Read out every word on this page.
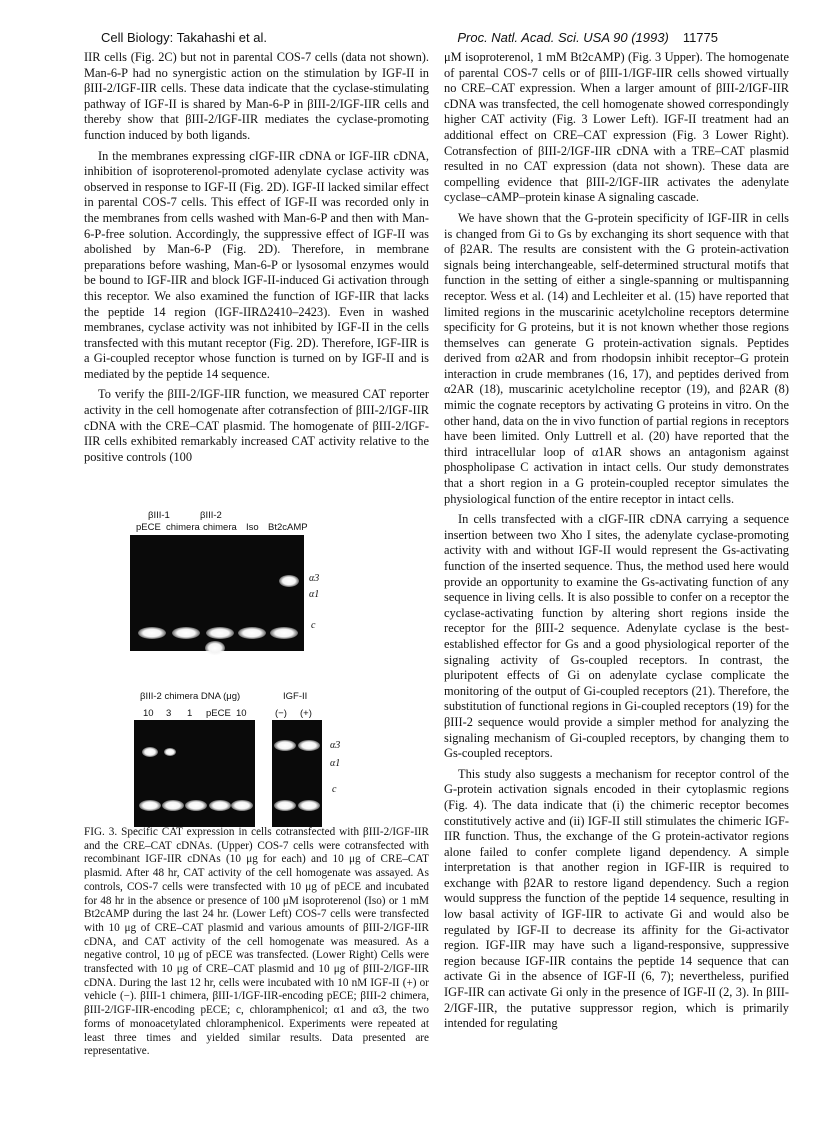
Cell Biology: Takahashi et al.	Proc. Natl. Acad. Sci. USA 90 (1993) 11775

IIR cells (Fig. 2C) but not in parental COS-7 cells (data not shown). Man-6-P had no synergistic action on the stimulation by IGF-II in βIII-2/IGF-IIR cells. These data indicate that the cyclase-stimulating pathway of IGF-II is shared by Man-6-P in βIII-2/IGF-IIR cells and thereby show that βIII-2/IGF-IIR mediates the cyclase-promoting function induced by both ligands.

In the membranes expressing cIGF-IIR cDNA or IGF-IIR cDNA, inhibition of isoproterenol-promoted adenylate cyclase activity was observed in response to IGF-II (Fig. 2D). IGF-II lacked similar effect in parental COS-7 cells. This effect of IGF-II was recorded only in the membranes from cells washed with Man-6-P and then with Man-6-P-free solution. Accordingly, the suppressive effect of IGF-II was abolished by Man-6-P (Fig. 2D). Therefore, in membrane preparations before washing, Man-6-P or lysosomal enzymes would be bound to IGF-IIR and block IGF-II-induced Gi activation through this receptor. We also examined the function of IGF-IIR that lacks the peptide 14 region (IGF-IIRΔ2410–2423). Even in washed membranes, cyclase activity was not inhibited by IGF-II in the cells transfected with this mutant receptor (Fig. 2D). Therefore, IGF-IIR is a Gi-coupled receptor whose function is turned on by IGF-II and is mediated by the peptide 14 sequence.

To verify the βIII-2/IGF-IIR function, we measured CAT reporter activity in the cell homogenate after cotransfection of βIII-2/IGF-IIR cDNA with the CRE–CAT plasmid. The homogenate of βIII-2/IGF-IIR cells exhibited remarkably increased CAT activity relative to the positive controls (100

βIII-1	βIII-2
pECE chimera chimera Iso Bt2cAMP
α3
α1
c
βIII-2 chimera DNA (μg)
10 3 1 pECE 10
IGF-II
(−) (+)
α3
α1
c
FIG. 3. Specific CAT expression in cells cotransfected with βIII-2/IGF-IIR and the CRE–CAT cDNAs. (Upper) COS-7 cells were cotransfected with recombinant IGF-IIR cDNAs (10 μg for each) and 10 μg of CRE–CAT plasmid. After 48 hr, CAT activity of the cell homogenate was assayed. As controls, COS-7 cells were transfected with 10 μg of pECE and incubated for 48 hr in the absence or presence of 100 μM isoproterenol (Iso) or 1 mM Bt2cAMP during the last 24 hr. (Lower Left) COS-7 cells were transfected with 10 μg of CRE–CAT plasmid and various amounts of βIII-2/IGF-IIR cDNA, and CAT activity of the cell homogenate was measured. As a negative control, 10 μg of pECE was transfected. (Lower Right) Cells were transfected with 10 μg of CRE–CAT plasmid and 10 μg of βIII-2/IGF-IIR cDNA. During the last 12 hr, cells were incubated with 10 nM IGF-II (+) or vehicle (−). βIII-1 chimera, βIII-1/IGF-IIR-encoding pECE; βIII-2 chimera, βIII-2/IGF-IIR-encoding pECE; c, chloramphenicol; α1 and α3, the two forms of monoacetylated chloramphenicol. Experiments were repeated at least three times and yielded similar results. Data presented are representative.

μM isoproterenol, 1 mM Bt2cAMP) (Fig. 3 Upper). The homogenate of parental COS-7 cells or of βIII-1/IGF-IIR cells showed virtually no CRE–CAT expression. When a larger amount of βIII-2/IGF-IIR cDNA was transfected, the cell homogenate showed correspondingly higher CAT activity (Fig. 3 Lower Left). IGF-II treatment had an additional effect on CRE–CAT expression (Fig. 3 Lower Right). Cotransfection of βIII-2/IGF-IIR cDNA with a TRE–CAT plasmid resulted in no CAT expression (data not shown). These data are compelling evidence that βIII-2/IGF-IIR activates the adenylate cyclase–cAMP–protein kinase A signaling cascade.

We have shown that the G-protein specificity of IGF-IIR in cells is changed from Gi to Gs by exchanging its short sequence with that of β2AR. The results are consistent with the G protein-activation signals being interchangeable, self-determined structural motifs that function in the setting of either a single-spanning or multispanning receptor. Wess et al. (14) and Lechleiter et al. (15) have reported that limited regions in the muscarinic acetylcholine receptors determine specificity for G proteins, but it is not known whether those regions themselves can generate G protein-activation signals. Peptides derived from α2AR and from rhodopsin inhibit receptor–G protein interaction in crude membranes (16, 17), and peptides derived from α2AR (18), muscarinic acetylcholine receptor (19), and β2AR (8) mimic the cognate receptors by activating G proteins in vitro. On the other hand, data on the in vivo function of partial regions in receptors have been limited. Only Luttrell et al. (20) have reported that the third intracellular loop of α1AR shows an antagonism against phospholipase C activation in intact cells. Our study demonstrates that a short region in a G protein-coupled receptor simulates the physiological function of the entire receptor in intact cells.

In cells transfected with a cIGF-IIR cDNA carrying a sequence insertion between two Xho I sites, the adenylate cyclase-promoting activity with and without IGF-II would represent the Gs-activating function of the inserted sequence. Thus, the method used here would provide an opportunity to examine the Gs-activating function of any sequence in living cells. It is also possible to confer on a receptor the cyclase-activating function by altering short regions inside the receptor for the βIII-2 sequence. Adenylate cyclase is the best-established effector for Gs and a good physiological reporter of the signaling activity of Gs-coupled receptors. In contrast, the pluripotent effects of Gi on adenylate cyclase complicate the monitoring of the output of Gi-coupled receptors (21). Therefore, the substitution of functional regions in Gi-coupled receptors (19) for the βIII-2 sequence would provide a simpler method for analyzing the signaling mechanism of Gi-coupled receptors, by changing them to Gs-coupled receptors.

This study also suggests a mechanism for receptor control of the G-protein activation signals encoded in their cytoplasmic regions (Fig. 4). The data indicate that (i) the chimeric receptor becomes constitutively active and (ii) IGF-II still stimulates the chimeric IGF-IIR function. Thus, the exchange of the G protein-activator regions alone failed to confer complete ligand dependency. A simple interpretation is that another region in IGF-IIR is required to exchange with β2AR to restore ligand dependency. Such a region would suppress the function of the peptide 14 sequence, resulting in low basal activity of IGF-IIR to activate Gi and would also be regulated by IGF-II to decrease its affinity for the Gi-activator region. IGF-IIR may have such a ligand-responsive, suppressive region because IGF-IIR contains the peptide 14 sequence that can activate Gi in the absence of IGF-II (6, 7); nevertheless, purified IGF-IIR can activate Gi only in the presence of IGF-II (2, 3). In βIII-2/IGF-IIR, the putative suppressor region, which is primarily intended for regulating
